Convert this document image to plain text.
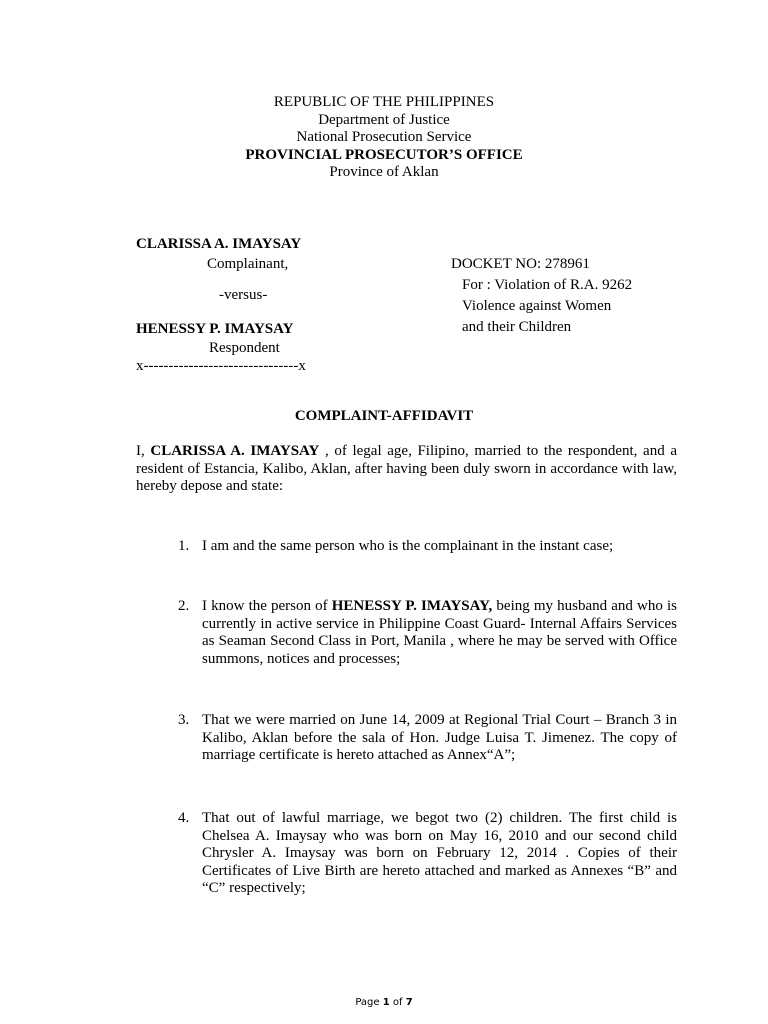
REPUBLIC OF THE PHILIPPINES
Department of Justice
National Prosecution Service
PROVINCIAL PROSECUTOR’S OFFICE
Province of Aklan
CLARISSA A. IMAYSAY
Complainant,
-versus-
HENESSY P. IMAYSAY
Respondent
x-------------------------------x
DOCKET NO: 278961
For : Violation of R.A. 9262
Violence against Women
and their Children
COMPLAINT-AFFIDAVIT
I, CLARISSA A. IMAYSAY , of legal age, Filipino, married to the respondent, and a resident of Estancia, Kalibo, Aklan, after having been duly sworn in accordance with law, hereby depose and state:
1. I am and the same person who is the complainant in the instant case;
2. I know the person of HENESSY P. IMAYSAY, being my husband and who is currently in active service in Philippine Coast Guard- Internal Affairs Services as Seaman Second Class in Port, Manila , where he may be served with Office summons, notices and processes;
3. That we were married on June 14, 2009 at Regional Trial Court – Branch 3 in Kalibo, Aklan before the sala of Hon. Judge Luisa T. Jimenez. The copy of marriage certificate is hereto attached as Annex“A”;
4. That out of lawful marriage, we begot two (2) children. The first child is Chelsea A. Imaysay who was born on May 16, 2010 and our second child Chrysler A. Imaysay was born on February 12, 2014 . Copies of their Certificates of Live Birth are hereto attached and marked as Annexes “B” and “C” respectively;
Page 1 of 7
